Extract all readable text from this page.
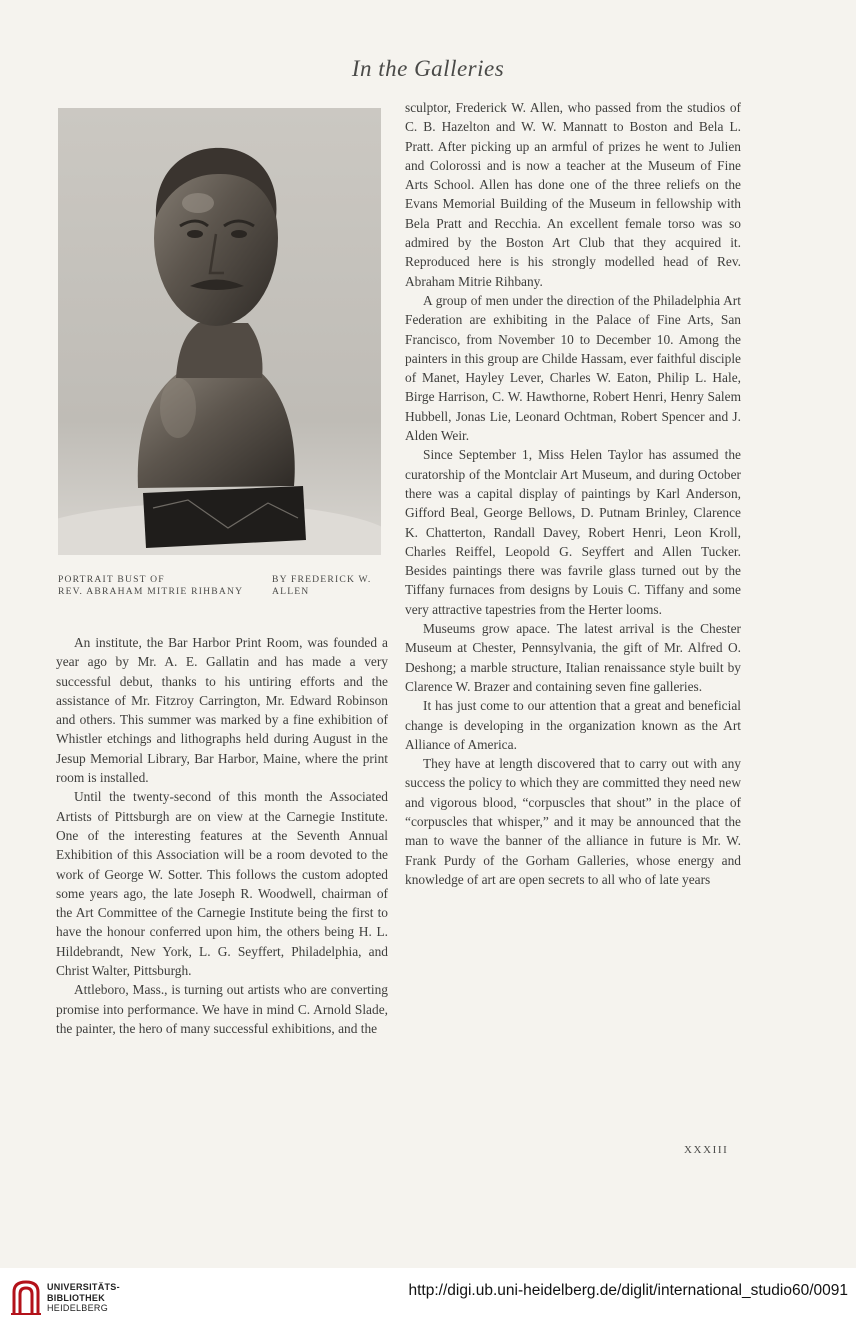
In the Galleries
PORTRAIT BUST OF
REV. ABRAHAM MITRIE RIHBANY
BY FREDERICK W.
ALLEN

An institute, the Bar Harbor Print Room, was founded a year ago by Mr. A. E. Gallatin and has made a very successful debut, thanks to his untiring efforts and the assistance of Mr. Fitzroy Carrington, Mr. Edward Robinson and others. This summer was marked by a fine exhibition of Whistler etchings and lithographs held during August in the Jesup Memorial Library, Bar Harbor, Maine, where the print room is installed.

Until the twenty-second of this month the Associated Artists of Pittsburgh are on view at the Carnegie Institute. One of the interesting features at the Seventh Annual Exhibition of this Association will be a room devoted to the work of George W. Sotter. This follows the custom adopted some years ago, the late Joseph R. Woodwell, chairman of the Art Committee of the Carnegie Institute being the first to have the honour conferred upon him, the others being H. L. Hildebrandt, New York, L. G. Seyffert, Philadelphia, and Christ Walter, Pittsburgh.

Attleboro, Mass., is turning out artists who are converting promise into performance. We have in mind C. Arnold Slade, the painter, the hero of many successful exhibitions, and the

sculptor, Frederick W. Allen, who passed from the studios of C. B. Hazelton and W. W. Mannatt to Boston and Bela L. Pratt. After picking up an armful of prizes he went to Julien and Colorossi and is now a teacher at the Museum of Fine Arts School. Allen has done one of the three reliefs on the Evans Memorial Building of the Museum in fellowship with Bela Pratt and Recchia. An excellent female torso was so admired by the Boston Art Club that they acquired it. Reproduced here is his strongly modelled head of Rev. Abraham Mitrie Rihbany.

A group of men under the direction of the Philadelphia Art Federation are exhibiting in the Palace of Fine Arts, San Francisco, from November 10 to December 10. Among the painters in this group are Childe Hassam, ever faithful disciple of Manet, Hayley Lever, Charles W. Eaton, Philip L. Hale, Birge Harrison, C. W. Hawthorne, Robert Henri, Henry Salem Hubbell, Jonas Lie, Leonard Ochtman, Robert Spencer and J. Alden Weir.

Since September 1, Miss Helen Taylor has assumed the curatorship of the Montclair Art Museum, and during October there was a capital display of paintings by Karl Anderson, Gifford Beal, George Bellows, D. Putnam Brinley, Clarence K. Chatterton, Randall Davey, Robert Henri, Leon Kroll, Charles Reiffel, Leopold G. Seyffert and Allen Tucker. Besides paintings there was favrile glass turned out by the Tiffany furnaces from designs by Louis C. Tiffany and some very attractive tapestries from the Herter looms.

Museums grow apace. The latest arrival is the Chester Museum at Chester, Pennsylvania, the gift of Mr. Alfred O. Deshong; a marble structure, Italian renaissance style built by Clarence W. Brazer and containing seven fine galleries.

It has just come to our attention that a great and beneficial change is developing in the organization known as the Art Alliance of America.

They have at length discovered that to carry out with any success the policy to which they are committed they need new and vigorous blood, “corpuscles that shout” in the place of “corpuscles that whisper,” and it may be announced that the man to wave the banner of the alliance in future is Mr. W. Frank Purdy of the Gorham Galleries, whose energy and knowledge of art are open secrets to all who of late years

XXXIII
UNIVERSITÄTS-
BIBLIOTHEK
HEIDELBERG
http://digi.ub.uni-heidelberg.de/diglit/international_studio60/0091
